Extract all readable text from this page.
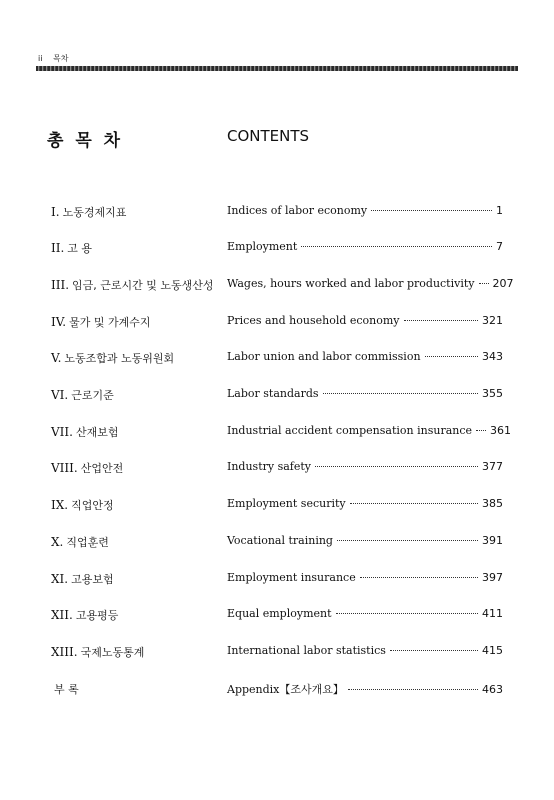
ii 목차
총 목 차	CONTENTS
I. 노동경제지표	Indices of labor economy	1
II. 고 용	Employment	7
III. 임금, 근로시간 및 노동생산성 Wages, hours worked and labor productivity 207
IV. 물가 및 가계수지	Prices and household economy	321
V. 노동조합과 노동위원회	Labor union and labor commission	343
VI. 근로기준	Labor standards	355
VII. 산재보험	Industrial accident compensation insurance 361
VIII. 산업안전	Industry safety	377
IX. 직업안정	Employment security	385
X. 직업훈련	Vocational training	391
XI. 고용보험	Employment insurance	397
XII. 고용평등	Equal employment	411
XIII. 국제노동통계	International labor statistics	415
부 록	Appendix【조사개요】	463
